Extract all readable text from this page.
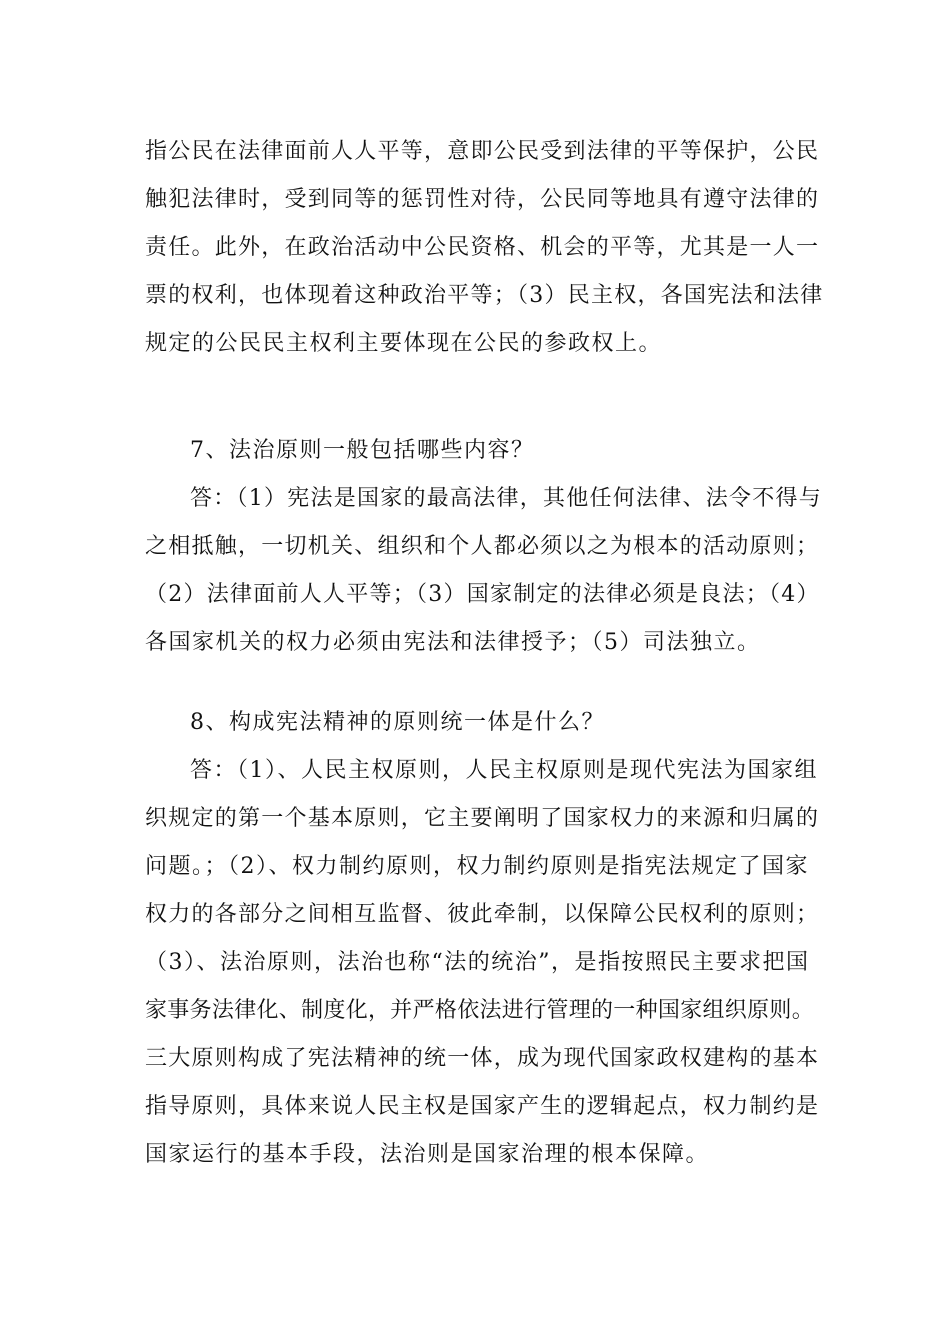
指公民在法律面前人人平等，意即公民受到法律的平等保护，公民
触犯法律时，受到同等的惩罚性对待，公民同等地具有遵守法律的
责任。此外，在政治活动中公民资格、机会的平等，尤其是一人一
票的权利，也体现着这种政治平等；（3）民主权，各国宪法和法律
规定的公民民主权利主要体现在公民的参政权上。
7、法治原则一般包括哪些内容？
答：（1）宪法是国家的最高法律，其他任何法律、法令不得与
之相抵触，一切机关、组织和个人都必须以之为根本的活动原则；
（2）法律面前人人平等；（3）国家制定的法律必须是良法；（4）
各国家机关的权力必须由宪法和法律授予；（5）司法独立。
8、构成宪法精神的原则统一体是什么？
答：（1）、人民主权原则，人民主权原则是现代宪法为国家组
织规定的第一个基本原则，它主要阐明了国家权力的来源和归属的
问题。；（2）、权力制约原则，权力制约原则是指宪法规定了国家
权力的各部分之间相互监督、彼此牵制，以保障公民权利的原则；
（3）、法治原则，法治也称“法的统治”，是指按照民主要求把国
家事务法律化、制度化，并严格依法进行管理的一种国家组织原则。
三大原则构成了宪法精神的统一体，成为现代国家政权建构的基本
指导原则，具体来说人民主权是国家产生的逻辑起点，权力制约是
国家运行的基本手段，法治则是国家治理的根本保障。
